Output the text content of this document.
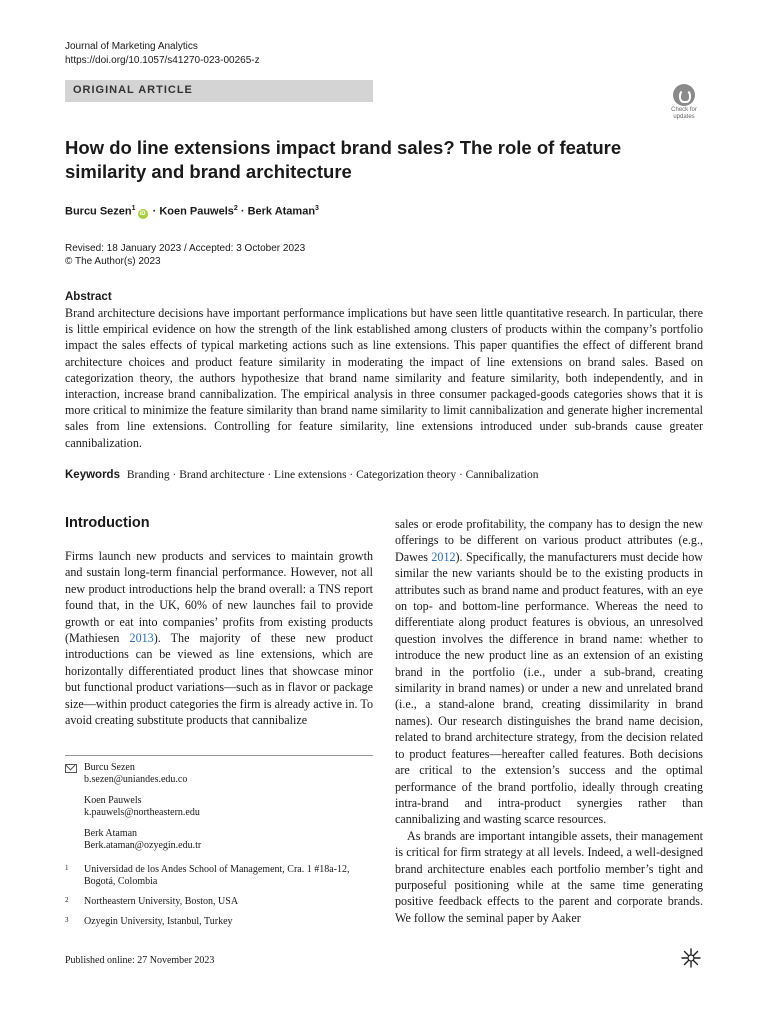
Journal of Marketing Analytics
https://doi.org/10.1057/s41270-023-00265-z
ORIGINAL ARTICLE
Check for
updates
How do line extensions impact brand sales? The role of feature similarity and brand architecture
Burcu Sezen$^1$iD · Koen Pauwels$^2$ · Berk Ataman$^3$
Revised: 18 January 2023 / Accepted: 3 October 2023
© The Author(s) 2023
Abstract
Brand architecture decisions have important performance implications but have seen little quantitative research. In particular, there is little empirical evidence on how the strength of the link established among clusters of products within the company’s portfolio impact the sales effects of typical marketing actions such as line extensions. This paper quantifies the effect of different brand architecture choices and product feature similarity in moderating the impact of line extensions on brand sales. Based on categorization theory, the authors hypothesize that brand name similarity and feature similarity, both independently, and in interaction, increase brand cannibalization. The empirical analysis in three consumer packaged-goods categories shows that it is more critical to minimize the feature similarity than brand name similarity to limit cannibalization and generate higher incremental sales from line extensions. Controlling for feature similarity, line extensions introduced under sub-brands cause greater cannibalization.
Keywords Branding · Brand architecture · Line extensions · Categorization theory · Cannibalization
Introduction

Firms launch new products and services to maintain growth and sustain long-term financial performance. However, not all new product introductions help the brand overall: a TNS report found that, in the UK, 60% of new launches fail to provide growth or eat into companies’ profits from existing products (Mathiesen 2013). The majority of these new product introductions can be viewed as line extensions, which are horizontally differentiated product lines that showcase minor but functional product variations—such as in flavor or package size—within product categories the firm is already active in. To avoid creating substitute products that cannibalize

sales or erode profitability, the company has to design the new offerings to be different on various product attributes (e.g., Dawes 2012). Specifically, the manufacturers must decide how similar the new variants should be to the existing products in attributes such as brand name and product features, with an eye on top- and bottom-line performance. Whereas the need to differentiate along product features is obvious, an unresolved question involves the difference in brand name: whether to introduce the new product line as an extension of an existing brand in the portfolio (i.e., under a sub-brand, creating similarity in brand names) or under a new and unrelated brand (i.e., a stand-alone brand, creating dissimilarity in brand names). Our research distinguishes the brand name decision, related to brand architecture strategy, from the decision related to product features—hereafter called features. Both decisions are critical to the extension’s success and the optimal performance of the brand portfolio, ideally through creating intra-brand and intra-product synergies rather than cannibalizing and wasting scarce resources.

As brands are important intangible assets, their management is critical for firm strategy at all levels. Indeed, a well-designed brand architecture enables each portfolio member’s tight and purposeful positioning while at the same time generating positive feedback effects to the parent and corporate brands. We follow the seminal paper by Aaker

Burcu Sezen
b.sezen@uniandes.edu.co
Koen Pauwels
k.pauwels@northeastern.edu
Berk Ataman
Berk.ataman@ozyegin.edu.tr
1 Universidad de los Andes School of Management, Cra. 1 #18a-12, Bogotá, Colombia
2 Northeastern University, Boston, USA
3 Ozyegin University, Istanbul, Turkey
Published online: 27 November 2023
